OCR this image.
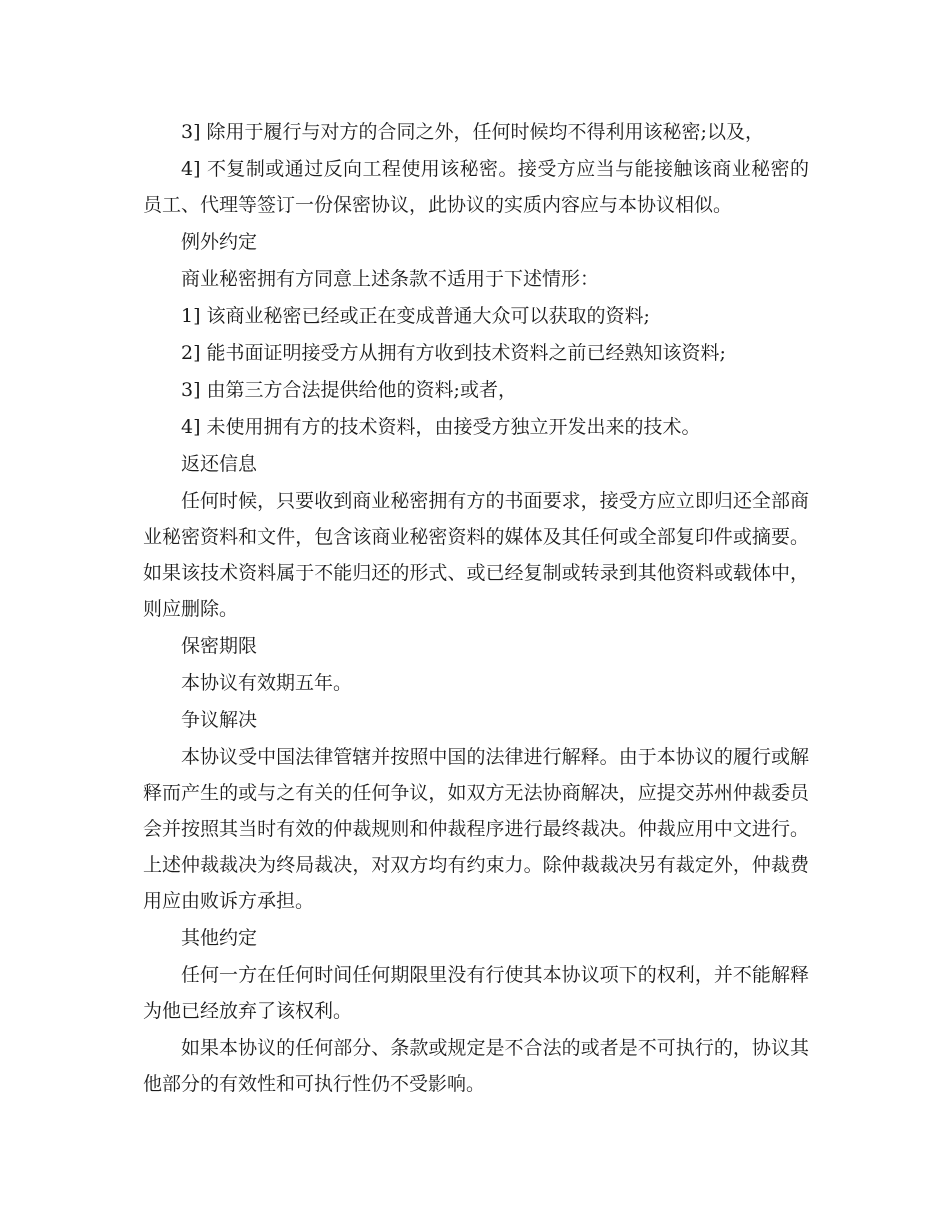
3] 除用于履行与对方的合同之外，任何时候均不得利用该秘密;以及，

4] 不复制或通过反向工程使用该秘密。接受方应当与能接触该商业秘密的员工、代理等签订一份保密协议，此协议的实质内容应与本协议相似。

例外约定

商业秘密拥有方同意上述条款不适用于下述情形：

1] 该商业秘密已经或正在变成普通大众可以获取的资料;

2] 能书面证明接受方从拥有方收到技术资料之前已经熟知该资料;

3] 由第三方合法提供给他的资料;或者，

4] 未使用拥有方的技术资料，由接受方独立开发出来的技术。

返还信息

任何时候，只要收到商业秘密拥有方的书面要求，接受方应立即归还全部商业秘密资料和文件，包含该商业秘密资料的媒体及其任何或全部复印件或摘要。如果该技术资料属于不能归还的形式、或已经复制或转录到其他资料或载体中，则应删除。

保密期限

本协议有效期五年。

争议解决

本协议受中国法律管辖并按照中国的法律进行解释。由于本协议的履行或解释而产生的或与之有关的任何争议，如双方无法协商解决，应提交苏州仲裁委员会并按照其当时有效的仲裁规则和仲裁程序进行最终裁决。仲裁应用中文进行。上述仲裁裁决为终局裁决，对双方均有约束力。除仲裁裁决另有裁定外，仲裁费用应由败诉方承担。

其他约定

任何一方在任何时间任何期限里没有行使其本协议项下的权利，并不能解释为他已经放弃了该权利。

如果本协议的任何部分、条款或规定是不合法的或者是不可执行的，协议其他部分的有效性和可执行性仍不受影响。
